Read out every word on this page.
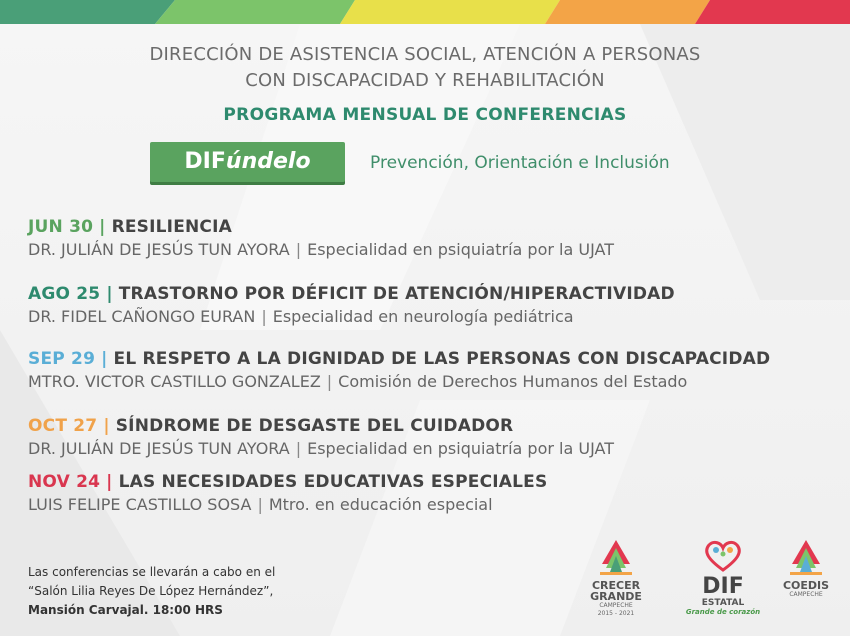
DIRECCIÓN DE ASISTENCIA SOCIAL, ATENCIÓN A PERSONAS
CON DISCAPACIDAD Y REHABILITACIÓN
PROGRAMA MENSUAL DE CONFERENCIAS
DIFúndelo	Prevención, Orientación e Inclusión
JUN 30 | RESILIENCIA
DR. JULIÁN DE JESÚS TUN AYORA | Especialidad en psiquiatría por la UJAT
AGO 25 | TRASTORNO POR DÉFICIT DE ATENCIÓN/HIPERACTIVIDAD
DR. FIDEL CAÑONGO EURAN | Especialidad en neurología pediátrica
SEP 29 | EL RESPETO A LA DIGNIDAD DE LAS PERSONAS CON DISCAPACIDAD
MTRO. VICTOR CASTILLO GONZALEZ | Comisión de Derechos Humanos del Estado
OCT 27 | SÍNDROME DE DESGASTE DEL CUIDADOR
DR. JULIÁN DE JESÚS TUN AYORA | Especialidad en psiquiatría por la UJAT
NOV 24 | LAS NECESIDADES EDUCATIVAS ESPECIALES
LUIS FELIPE CASTILLO SOSA | Mtro. en educación especial
Las conferencias se llevarán a cabo en el
“Salón Lilia Reyes De López Hernández”,
Mansión Carvajal. 18:00 HRS
CRECER
GRANDE
CAMPECHE
2015 - 2021
DIF
ESTATAL
Grande de corazón
COEDIS
CAMPECHE
